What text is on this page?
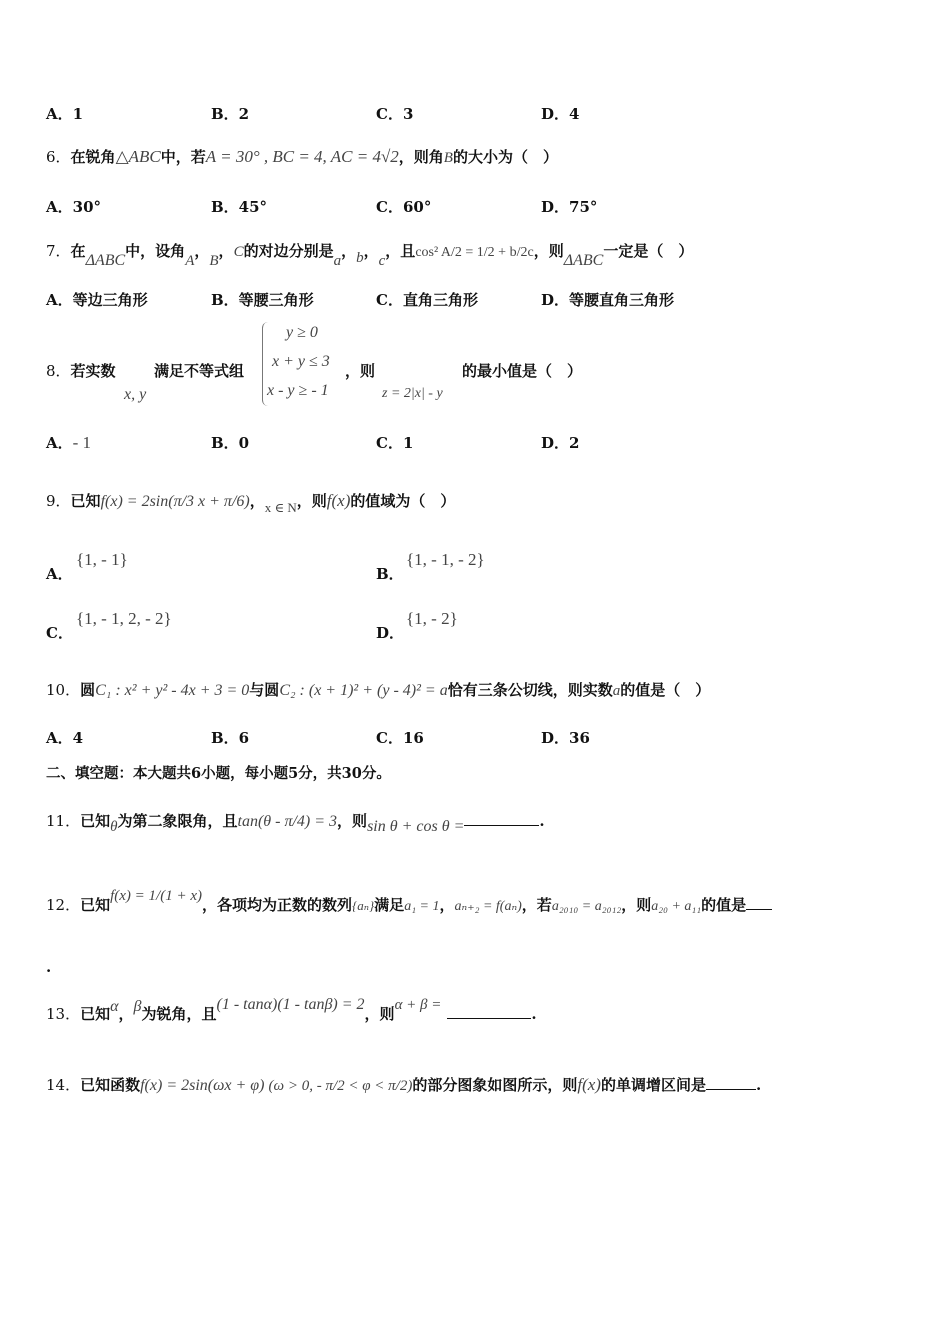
A．1	B．2	C．3	D．4
6．在锐角△ABC中，若A = 30° , BC = 4, AC = 4√2，则角B的大小为（　）
A．30°	B．45°	C．60°	D．75°
7．在ΔABC中，设角A，B，C的对边分别是a，b，c，且cos² A/2 = 1/2 + b/2c，则ΔABC一定是（　）
A．等边三角形	B．等腰三角形	C．直角三角形	D．等腰直角三角形
8．若实数
x, y
满足不等式组
y ≥ 0
x + y ≤ 3
x - y ≥ - 1
，则
z = 2|x| - y
的最小值是（　）
A．- 1	B．0	C．1	D．2
9．已知f(x) = 2sin(π/3 x + π/6)，x ∈ N，则f(x)的值域为（　）
A．
{1, - 1}
B．
{1, - 1, - 2}
C．
{1, - 1, 2, - 2}
D．
{1, - 2}
10．圆C₁ : x² + y² - 4x + 3 = 0与圆C₂ : (x + 1)² + (y - 4)² = a恰有三条公切线，则实数a的值是（　）
A．4	B．6	C．16	D．36
二、填空题：本大题共6小题，每小题5分，共30分。
11．已知θ为第二象限角，且tan(θ - π/4) = 3，则sin θ + cos θ =	.
12．已知f(x) = 1/(1 + x)，各项均为正数的数列{aₙ}满足a₁ = 1，aₙ₊₂ = f(aₙ)，若a₂₀₁₀ = a₂₀₁₂，则a₂₀ + a₁₁的值是
.
13．已知α，β为锐角，且(1 - tanα)(1 - tanβ) = 2，则α + β =	.
14．已知函数f(x) = 2sin(ωx + φ) (ω > 0, - π/2 < φ < π/2)的部分图象如图所示，则f(x)的单调增区间是	.
